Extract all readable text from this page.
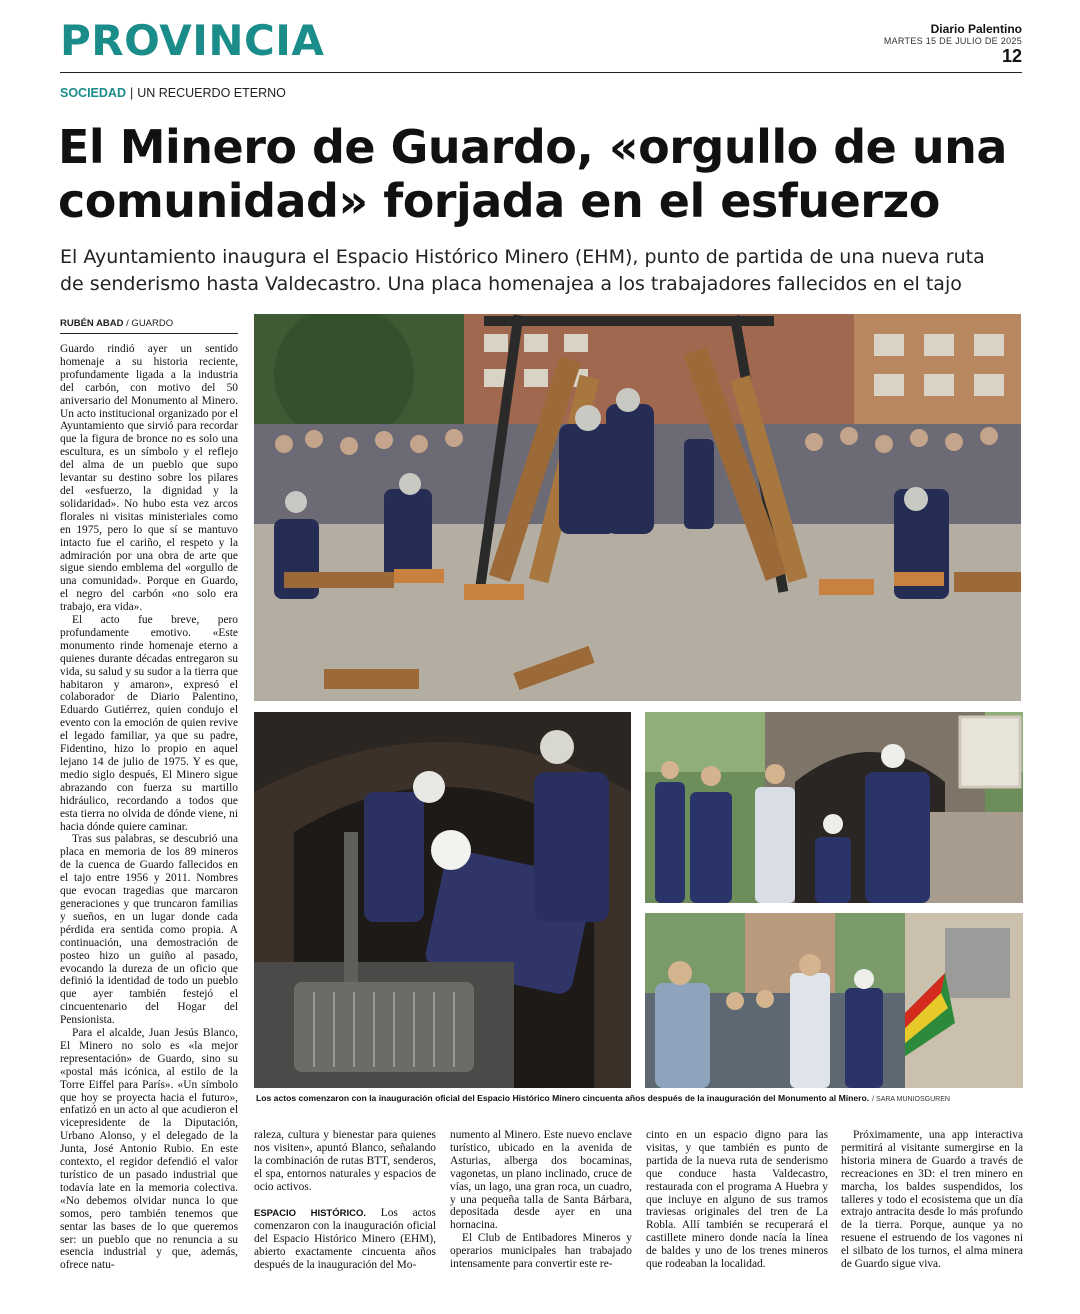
PROVINCIA	Diario Palentino
MARTES 15 DE JULIO DE 2025
12
SOCIEDAD | UN RECUERDO ETERNO
El Minero de Guardo, «orgullo de una
comunidad» forjada en el esfuerzo
El Ayuntamiento inaugura el Espacio Histórico Minero (EHM), punto de partida de una nueva ruta
de senderismo hasta Valdecastro. Una placa homenajea a los trabajadores fallecidos en el tajo
RUBÉN ABAD / GUARDO

Guardo rindió ayer un sentido homenaje a su historia reciente, profundamente ligada a la industria del carbón, con motivo del 50 aniversario del Monumento al Minero. Un acto institucional organizado por el Ayuntamiento que sirvió para recordar que la figura de bronce no es solo una escultura, es un símbolo y el reflejo del alma de un pueblo que supo levantar su destino sobre los pilares del «esfuerzo, la dignidad y la solidaridad». No hubo esta vez arcos florales ni visitas ministeriales como en 1975, pero lo que sí se mantuvo intacto fue el cariño, el respeto y la admiración por una obra de arte que sigue siendo emblema del «orgullo de una comunidad». Porque en Guardo, el negro del carbón «no solo era trabajo, era vida».

El acto fue breve, pero profundamente emotivo. «Este monumento rinde homenaje eterno a quienes durante décadas entregaron su vida, su salud y su sudor a la tierra que habitaron y amaron», expresó el colaborador de Diario Palentino, Eduardo Gutiérrez, quien condujo el evento con la emoción de quien revive el legado familiar, ya que su padre, Fidentino, hizo lo propio en aquel lejano 14 de julio de 1975. Y es que, medio siglo después, El Minero sigue abrazando con fuerza su martillo hidráulico, recordando a todos que esta tierra no olvida de dónde viene, ni hacia dónde quiere caminar.

Tras sus palabras, se descubrió una placa en memoria de los 89 mineros de la cuenca de Guardo fallecidos en el tajo entre 1956 y 2011. Nombres que evocan tragedias que marcaron generaciones y que truncaron familias y sueños, en un lugar donde cada pérdida era sentida como propia. A continuación, una demostración de posteo hizo un guiño al pasado, evocando la dureza de un oficio que definió la identidad de todo un pueblo que ayer también festejó el cincuentenario del Hogar del Pensionista.

Para el alcalde, Juan Jesús Blanco, El Minero no solo es «la mejor representación» de Guardo, sino su «postal más icónica, al estilo de la Torre Eiffel para París». «Un símbolo que hoy se proyecta hacia el futuro», enfatizó en un acto al que acudieron el vicepresidente de la Diputación, Urbano Alonso, y el delegado de la Junta, José Antonio Rubio. En este contexto, el regidor defendió el valor turístico de un pasado industrial que todavía late en la memoria colectiva. «No debemos olvidar nunca lo que somos, pero también tenemos que sentar las bases de lo que queremos ser: un pueblo que no renuncia a su esencia industrial y que, además, ofrece natu-

Los actos comenzaron con la inauguración oficial del Espacio Histórico Minero cincuenta años después de la inauguración del Monumento al Minero. / SARA MUNIOSGUREN

raleza, cultura y bienestar para quienes nos visiten», apuntó Blanco, señalando la combinación de rutas BTT, senderos, el spa, entornos naturales y espacios de ocio activos.

ESPACIO HISTÓRICO. Los actos comenzaron con la inauguración oficial del Espacio Histórico Minero (EHM), abierto exactamente cincuenta años después de la inauguración del Mo-

numento al Minero. Este nuevo enclave turístico, ubicado en la avenida de Asturias, alberga dos bocaminas, vagonetas, un plano inclinado, cruce de vías, un lago, una gran roca, un cuadro, y una pequeña talla de Santa Bárbara, depositada desde ayer en una hornacina.

El Club de Entibadores Mineros y operarios municipales han trabajado intensamente para convertir este re-

cinto en un espacio digno para las visitas, y que también es punto de partida de la nueva ruta de senderismo que conduce hasta Valdecastro, restaurada con el programa A Huebra y que incluye en alguno de sus tramos traviesas originales del tren de La Robla. Allí también se recuperará el castillete minero donde nacía la línea de baldes y uno de los trenes mineros que rodeaban la localidad.

Próximamente, una app interactiva permitirá al visitante sumergirse en la historia minera de Guardo a través de recreaciones en 3D: el tren minero en marcha, los baldes suspendidos, los talleres y todo el ecosistema que un día extrajo antracita desde lo más profundo de la tierra. Porque, aunque ya no resuene el estruendo de los vagones ni el silbato de los turnos, el alma minera de Guardo sigue viva.
